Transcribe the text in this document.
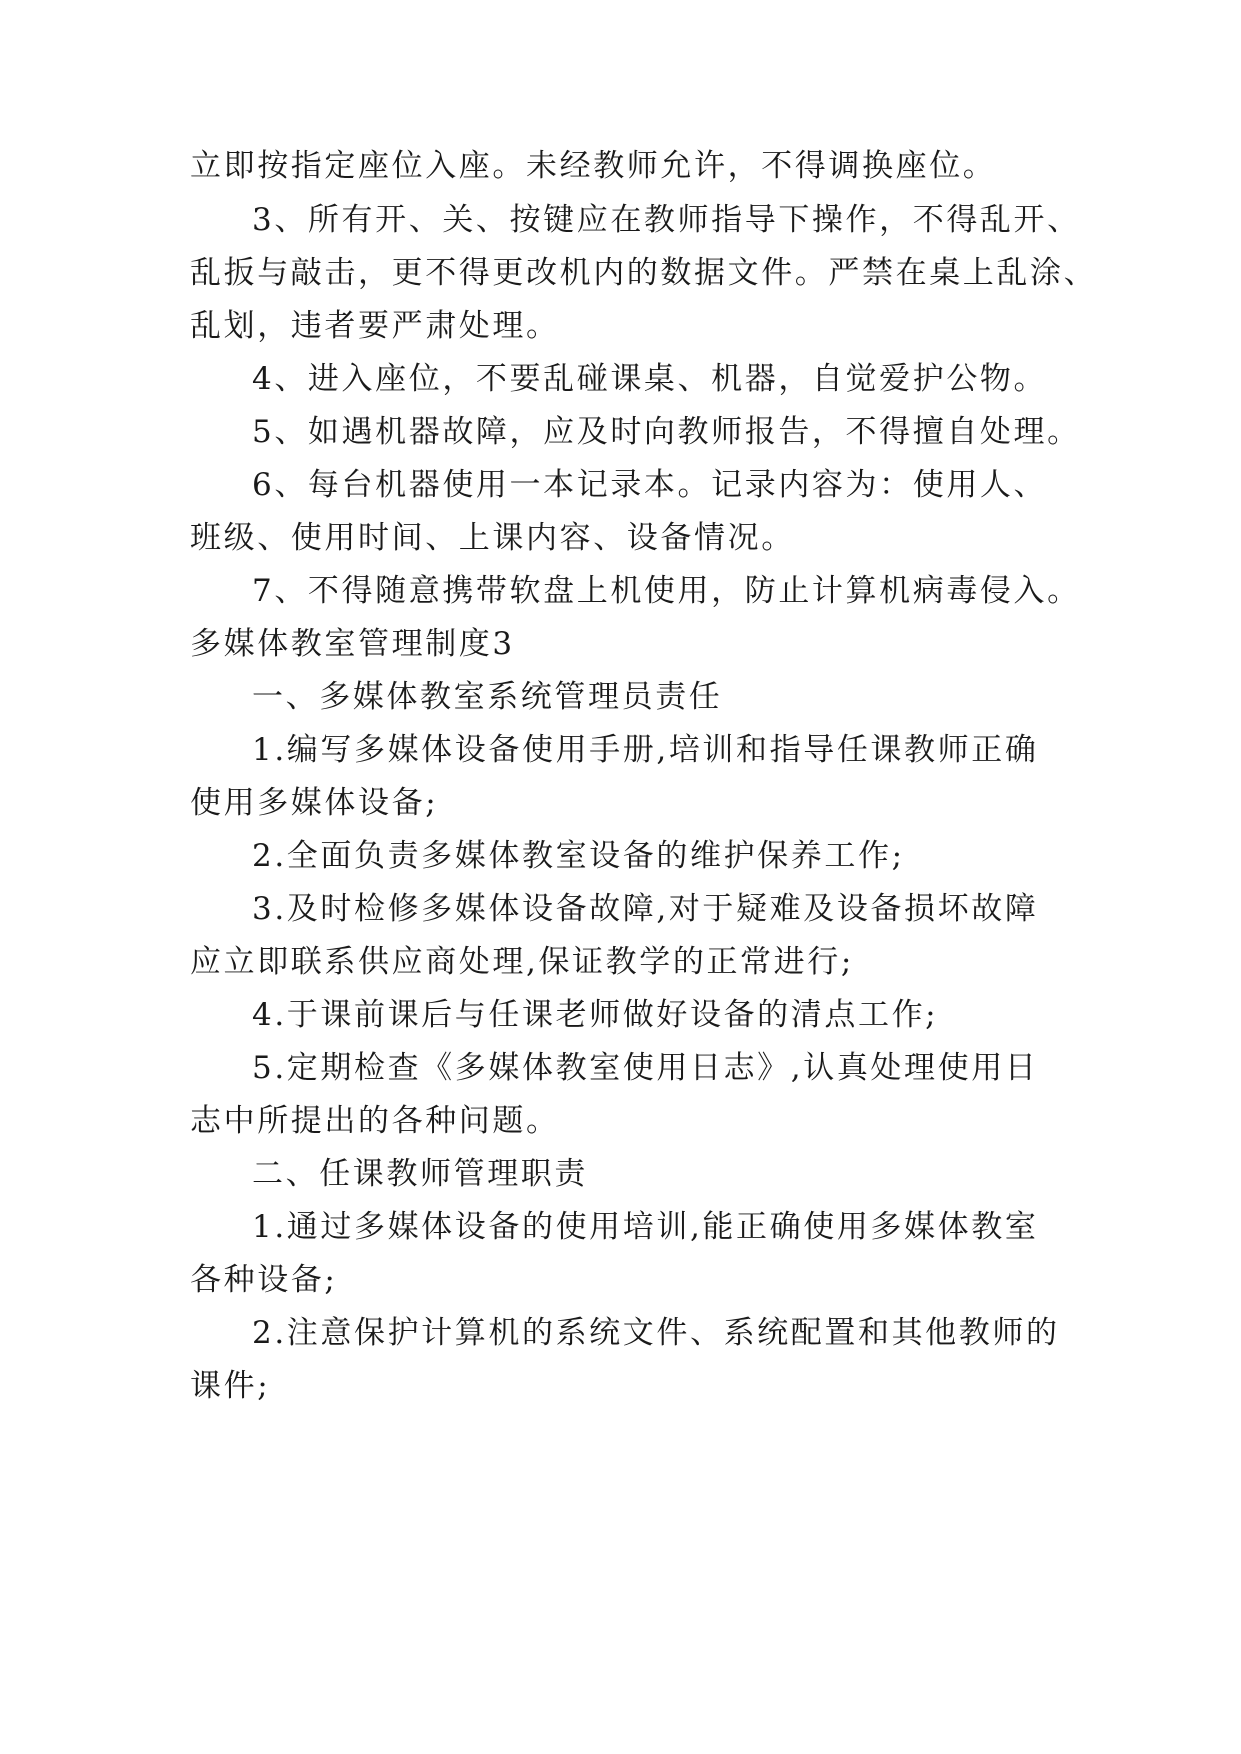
立即按指定座位入座。未经教师允许，不得调换座位。
3、所有开、关、按键应在教师指导下操作，不得乱开、
乱扳与敲击，更不得更改机内的数据文件。严禁在桌上乱涂、
乱划，违者要严肃处理。
4、进入座位，不要乱碰课桌、机器，自觉爱护公物。
5、如遇机器故障，应及时向教师报告，不得擅自处理。
6、每台机器使用一本记录本。记录内容为：使用人、
班级、使用时间、上课内容、设备情况。
7、不得随意携带软盘上机使用，防止计算机病毒侵入。
多媒体教室管理制度3
一、多媒体教室系统管理员责任
1.编写多媒体设备使用手册,培训和指导任课教师正确
使用多媒体设备;
2.全面负责多媒体教室设备的维护保养工作;
3.及时检修多媒体设备故障,对于疑难及设备损坏故障
应立即联系供应商处理,保证教学的正常进行;
4.于课前课后与任课老师做好设备的清点工作;
5.定期检查《多媒体教室使用日志》,认真处理使用日
志中所提出的各种问题。
二、任课教师管理职责
1.通过多媒体设备的使用培训,能正确使用多媒体教室
各种设备;
2.注意保护计算机的系统文件、系统配置和其他教师的
课件;
